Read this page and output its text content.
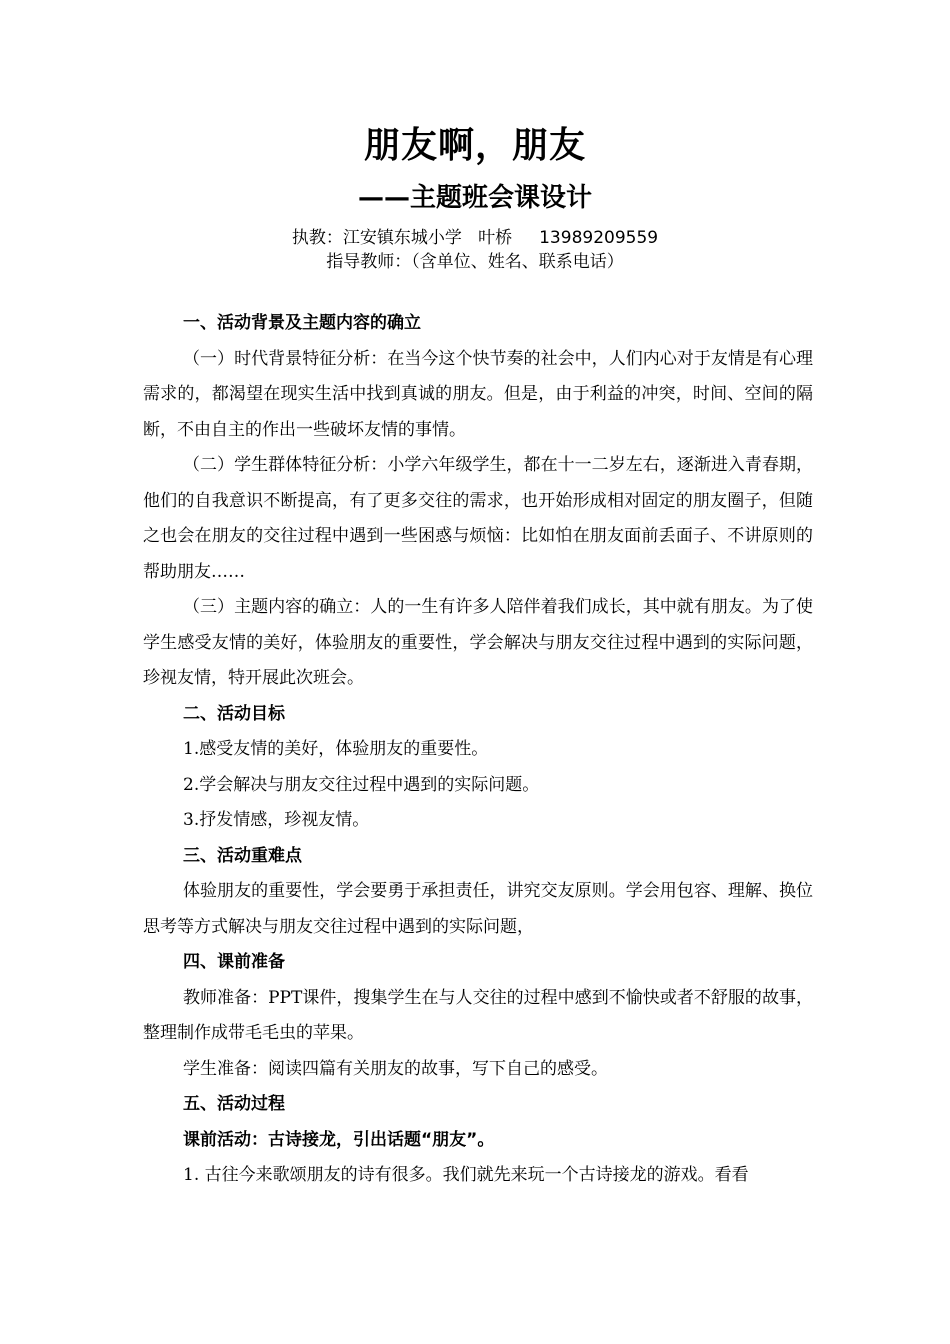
朋友啊，朋友
——主题班会课设计
执教：江安镇东城小学   叶桥     13989209559
指导教师：（含单位、姓名、联系电话）

一、活动背景及主题内容的确立

（一）时代背景特征分析：在当今这个快节奏的社会中，人们内心对于友情是有心理需求的，都渴望在现实生活中找到真诚的朋友。但是，由于利益的冲突，时间、空间的隔断，不由自主的作出一些破坏友情的事情。

（二）学生群体特征分析：小学六年级学生，都在十一二岁左右，逐渐进入青春期，他们的自我意识不断提高，有了更多交往的需求，也开始形成相对固定的朋友圈子，但随之也会在朋友的交往过程中遇到一些困惑与烦恼：比如怕在朋友面前丢面子、不讲原则的帮助朋友……

（三）主题内容的确立：人的一生有许多人陪伴着我们成长，其中就有朋友。为了使学生感受友情的美好，体验朋友的重要性，学会解决与朋友交往过程中遇到的实际问题，珍视友情，特开展此次班会。

二、活动目标

1.感受友情的美好，体验朋友的重要性。

2.学会解决与朋友交往过程中遇到的实际问题。

3.抒发情感，珍视友情。

三、活动重难点

体验朋友的重要性，学会要勇于承担责任，讲究交友原则。学会用包容、理解、换位思考等方式解决与朋友交往过程中遇到的实际问题，

四、课前准备

教师准备：PPT课件，搜集学生在与人交往的过程中感到不愉快或者不舒服的故事，整理制作成带毛毛虫的苹果。

学生准备：阅读四篇有关朋友的故事，写下自己的感受。

五、活动过程

课前活动：古诗接龙，引出话题“朋友”。

1. 古往今来歌颂朋友的诗有很多。我们就先来玩一个古诗接龙的游戏。看看
